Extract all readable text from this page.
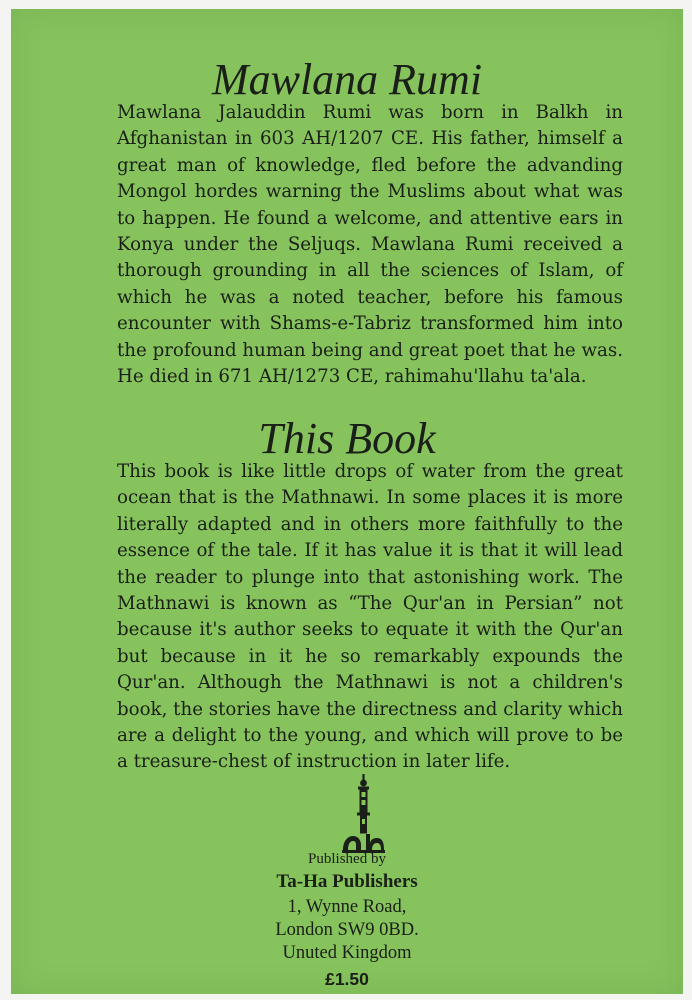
Mawlana Rumi

Mawlana Jalauddin Rumi was born in Balkh in Afghanistan in 603 AH/1207 CE. His father, himself a great man of knowledge, fled before the advanding Mongol hordes warning the Muslims about what was to happen. He found a welcome, and attentive ears in Konya under the Seljuqs. Mawlana Rumi received a thorough grounding in all the sciences of Islam, of which he was a noted teacher, before his famous encounter with Shams-e-Tabriz transformed him into the profound human being and great poet that he was. He died in 671 AH/1273 CE, rahimahu'llahu ta'ala.

This Book

This book is like little drops of water from the great ocean that is the Mathnawi. In some places it is more literally adapted and in others more faithfully to the essence of the tale. If it has value it is that it will lead the reader to plunge into that astonishing work. The Mathnawi is known as “The Qur'an in Persian” not because it's author seeks to equate it with the Qur'an but because in it he so remarkably expounds the Qur'an. Although the Mathnawi is not a children's book, the stories have the directness and clarity which are a delight to the young, and which will prove to be a treasure-chest of instruction in later life.

Published by

Ta-Ha Publishers

1, Wynne Road,

London SW9 0BD.

Unuted Kingdom

£1.50
